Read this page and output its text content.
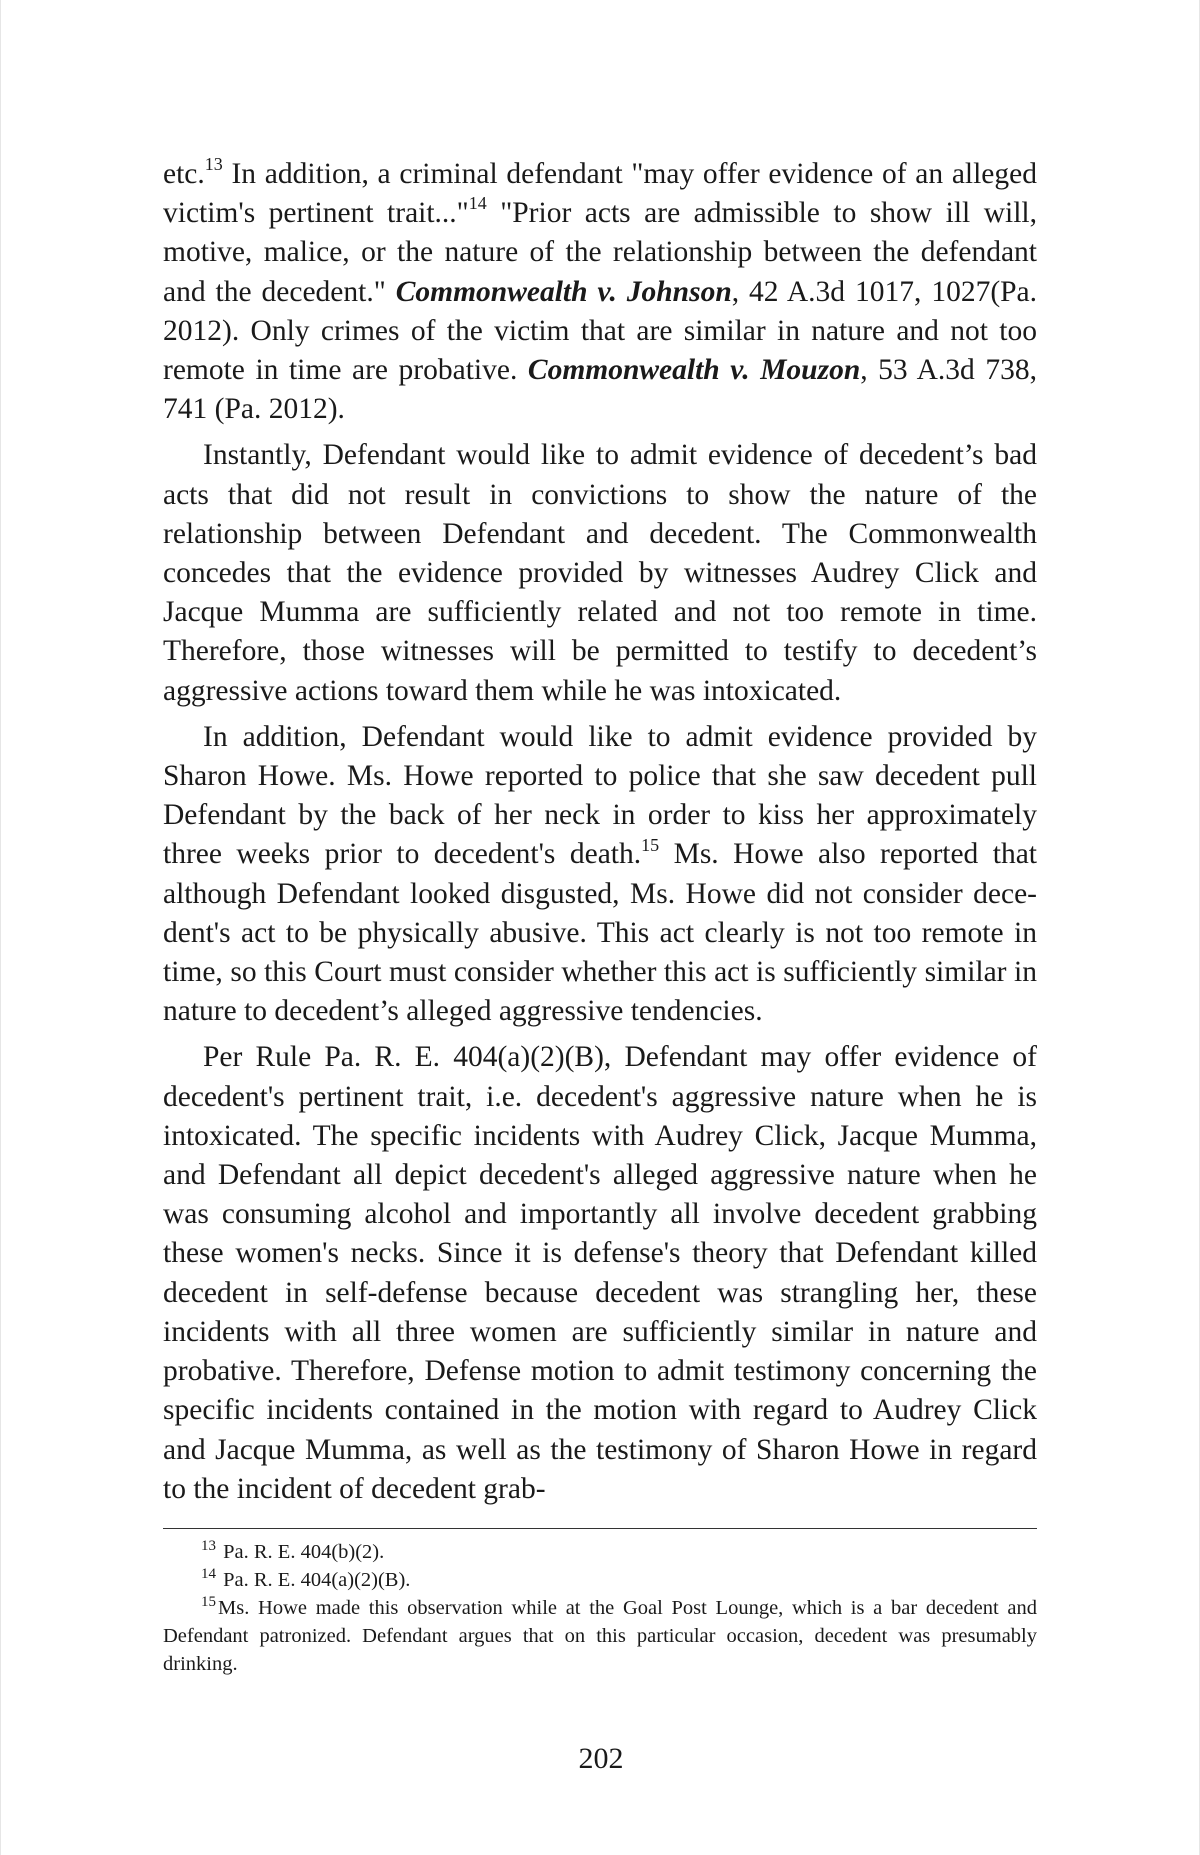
etc.$^{13}$ In addition, a criminal defendant "may offer evidence of an alleged victim's pertinent trait..."$^{14}$ "Prior acts are admissible to show ill will, motive, malice, or the nature of the relationship between the defendant and the decedent." Commonwealth v. Johnson, 42 A.3d 1017, 1027(Pa. 2012). Only crimes of the victim that are similar in nature and not too remote in time are probative. Commonwealth v. Mouzon, 53 A.3d 738, 741 (Pa. 2012).

Instantly, Defendant would like to admit evidence of decedent’s bad acts that did not result in convictions to show the nature of the relationship between Defendant and decedent. The Commonwealth concedes that the evidence provided by witnesses Audrey Click and Jacque Mumma are sufficiently related and not too remote in time. Therefore, those witnesses will be permitted to testify to decedent’s aggressive actions toward them while he was intoxicated.

In addition, Defendant would like to admit evidence provided by Sharon Howe. Ms. Howe reported to police that she saw decedent pull Defendant by the back of her neck in order to kiss her approximately three weeks prior to decedent's death.$^{15}$ Ms. Howe also reported that although Defendant looked disgusted, Ms. Howe did not consider decedent's act to be physically abusive. This act clearly is not too remote in time, so this Court must consider whether this act is sufficiently similar in nature to decedent’s alleged aggressive tendencies.

Per Rule Pa. R. E. 404(a)(2)(B), Defendant may offer evidence of decedent's pertinent trait, i.e. decedent's aggressive nature when he is intoxicated. The specific incidents with Audrey Click, Jacque Mumma, and Defendant all depict decedent's alleged aggressive nature when he was consuming alcohol and importantly all involve decedent grabbing these women's necks. Since it is defense's theory that Defendant killed decedent in self-defense because decedent was strangling her, these incidents with all three women are sufficiently similar in nature and probative. Therefore, Defense motion to admit testimony concerning the specific incidents contained in the motion with regard to Audrey Click and Jacque Mumma, as well as the testimony of Sharon Howe in regard to the incident of decedent grab-

$^{13}$ Pa. R. E. 404(b)(2).

$^{14}$ Pa. R. E. 404(a)(2)(B).

$^{15}$Ms. Howe made this observation while at the Goal Post Lounge, which is a bar decedent and Defendant patronized. Defendant argues that on this particular occasion, decedent was presumably drinking.

202
